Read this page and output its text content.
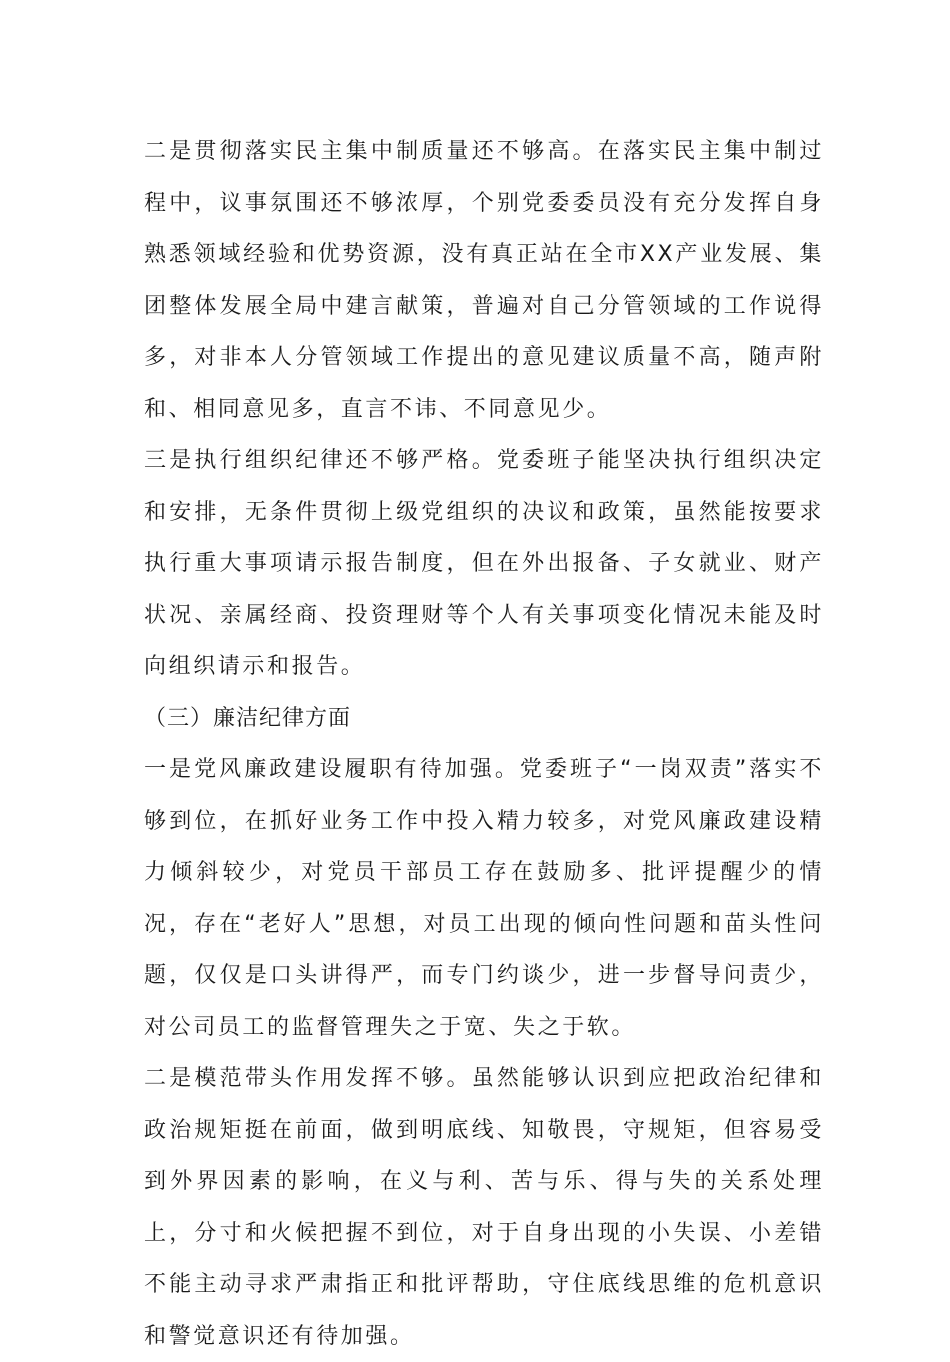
二是贯彻落实民主集中制质量还不够高。在落实民主集中制过程中，议事氛围还不够浓厚，个别党委委员没有充分发挥自身熟悉领域经验和优势资源，没有真正站在全市XX产业发展、集团整体发展全局中建言献策，普遍对自己分管领域的工作说得多，对非本人分管领域工作提出的意见建议质量不高，随声附和、相同意见多，直言不讳、不同意见少。

三是执行组织纪律还不够严格。党委班子能坚决执行组织决定和安排，无条件贯彻上级党组织的决议和政策，虽然能按要求执行重大事项请示报告制度，但在外出报备、子女就业、财产状况、亲属经商、投资理财等个人有关事项变化情况未能及时向组织请示和报告。

（三）廉洁纪律方面

一是党风廉政建设履职有待加强。党委班子“一岗双责”落实不够到位，在抓好业务工作中投入精力较多，对党风廉政建设精力倾斜较少，对党员干部员工存在鼓励多、批评提醒少的情况，存在“老好人”思想，对员工出现的倾向性问题和苗头性问题，仅仅是口头讲得严，而专门约谈少，进一步督导问责少，对公司员工的监督管理失之于宽、失之于软。

二是模范带头作用发挥不够。虽然能够认识到应把政治纪律和政治规矩挺在前面，做到明底线、知敬畏，守规矩，但容易受到外界因素的影响，在义与利、苦与乐、得与失的关系处理上，分寸和火候把握不到位，对于自身出现的小失误、小差错不能主动寻求严肃指正和批评帮助，守住底线思维的危机意识和警觉意识还有待加强。
